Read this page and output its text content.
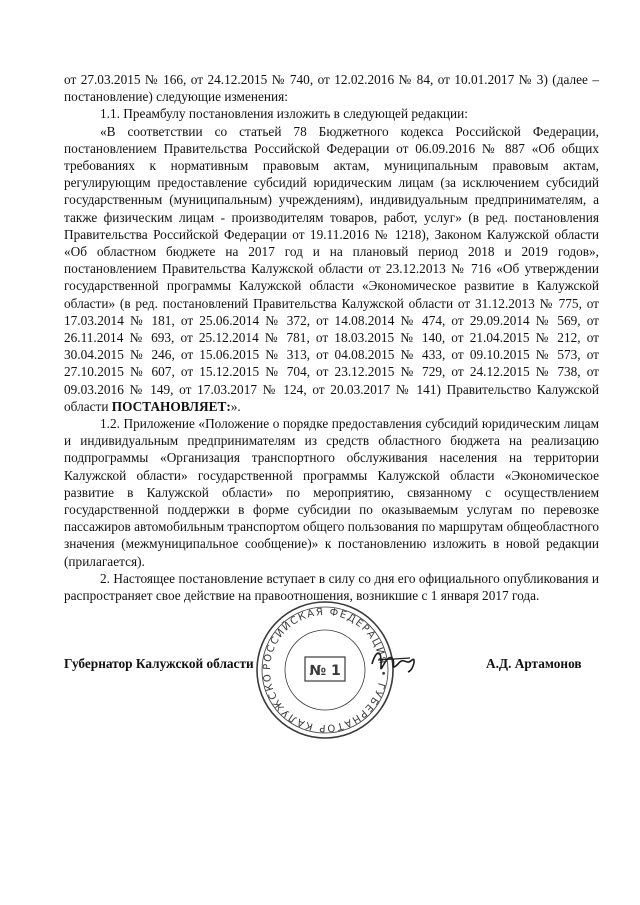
от 27.03.2015 № 166, от 24.12.2015 № 740, от 12.02.2016 № 84, от 10.01.2017 № 3) (далее – постановление) следующие изменения:

1.1. Преамбулу постановления изложить в следующей редакции:

«В соответствии со статьей 78 Бюджетного кодекса Российской Федерации, постановлением Правительства Российской Федерации от 06.09.2016 № 887 «Об общих требованиях к нормативным правовым актам, муниципальным правовым актам, регулирующим предоставление субсидий юридическим лицам (за исключением субсидий государственным (муниципальным) учреждениям), индивидуальным предпринимателям, а также физическим лицам - производителям товаров, работ, услуг» (в ред. постановления Правительства Российской Федерации от 19.11.2016 № 1218), Законом Калужской области «Об областном бюджете на 2017 год и на плановый период 2018 и 2019 годов», постановлением Правительства Калужской области от 23.12.2013 № 716 «Об утверждении государственной программы Калужской области «Экономическое развитие в Калужской области» (в ред. постановлений Правительства Калужской области от 31.12.2013 № 775, от 17.03.2014 № 181, от 25.06.2014 № 372, от 14.08.2014 № 474, от 29.09.2014 № 569, от 26.11.2014 № 693, от 25.12.2014 № 781, от 18.03.2015 № 140, от 21.04.2015 № 212, от 30.04.2015 № 246, от 15.06.2015 № 313, от 04.08.2015 № 433, от 09.10.2015 № 573, от 27.10.2015 № 607, от 15.12.2015 № 704, от 23.12.2015 № 729, от 24.12.2015 № 738, от 09.03.2016 № 149, от 17.03.2017 № 124, от 20.03.2017 № 141) Правительство Калужской области ПОСТАНОВЛЯЕТ:».

1.2. Приложение «Положение о порядке предоставления субсидий юридическим лицам и индивидуальным предпринимателям из средств областного бюджета на реализацию подпрограммы «Организация транспортного обслуживания населения на территории Калужской области» государственной программы Калужской области «Экономическое развитие в Калужской области» по мероприятию, связанному с осуществлением государственной поддержки в форме субсидии по оказываемым услугам по перевозке пассажиров автомобильным транспортом общего пользования по маршрутам общеобластного значения (межмуниципальное сообщение)» к постановлению изложить в новой редакции (прилагается).

2. Настоящее постановление вступает в силу со дня его официального опубликования и распространяет свое действие на правоотношения, возникшие с 1 января 2017 года.

РОССИЙСКАЯ ФЕДЕРАЦИЯ • ГУБЕРНАТОР КАЛУЖСКО	№ 1
Губернатор Калужской области	А.Д. Артамонов
